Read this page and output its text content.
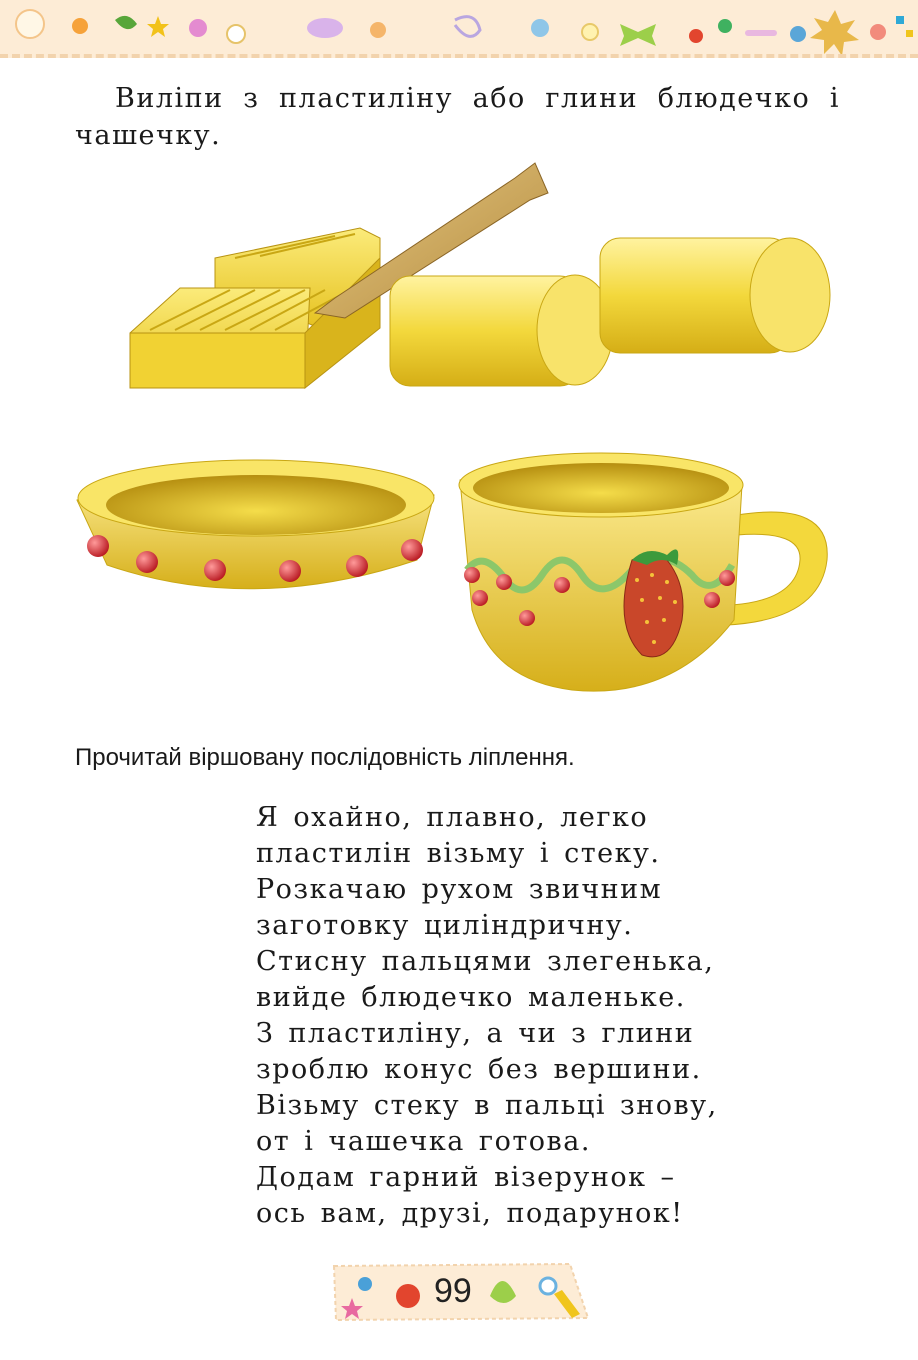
Виліпи з пластиліну або глини блюдечко і чашечку.

Прочитай віршовану послідовність ліплення.

Я охайно, плавно, легко
пластилін візьму і стеку.
Розкачаю рухом звичним
заготовку циліндричну.
Стисну пальцями злегенька,
вийде блюдечко маленьке.
З пластиліну, а чи з глини
зроблю конус без вершини.
Візьму стеку в пальці знову,
от і чашечка готова.
Додам гарний візерунок –
ось вам, друзі, подарунок!
99
